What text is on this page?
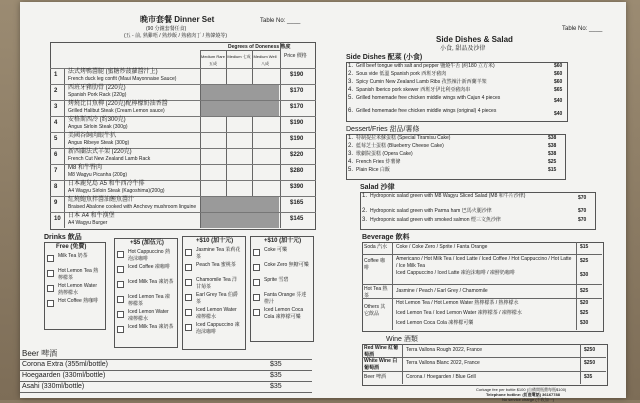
晚市套餐 Dinner Set	Table No: ____
(90 分鐘套餐任食)
(五 - 前, 熟雞唔 / 熟炒飯 / 熟豬肉丁 / 熟韓燒等)
Degrees of Doneness 熟度
Medium Rare 五成
Medium 七成 Medium Well 八成
Price 價格
1 法式烤鴨醬腿 (蜜糖炒菠蘿醬汁上)
French duck leg confit (Maui Mayonnaise Sauce)
$190
2 西班牙豬肋骨 (220克)
Spanish Pork Rack (220g)
$170
3 烤燒比目魚柳 (220克)配檸檬奶油香醬
Grilled Halibut Steak (Cream Lemon sauce)
$170
4 安格斯西冷 (約300克)
Angus Sirloin Steak (300g)
$190
5 美國谷飼肉眼牛扒
Angus Ribeye Steak (300g)
$190
6 新西蘭法式羊架 (220克)
French Cut New Zealand Lamb Rack
$220
7 M8 和牛臀肉
M8 Wagyu Picanha (200g)
$280
8 日本鹿兒島 A5 和牛西冷牛排
A4 Wagyu Sirloin Steak (Kagoshima)(200g)
$390
9 紅燒鮑魚拌醬油鰹魚醬汁
Braised Abalone cooked with Anchovy mushroom linguine
$165
10 日本 A4 和牛漢堡
A4 Wagyu Burger
$145
Drinks 飲品
Free (免費)
Milk Tea 奶茶
Hot Lemon Tea 熱檸檬茶
Hot Lemon Water 熱檸檬水
Hot Coffee 熱咖啡
+$5 (加伍元)
Hot Cappuccino 熱泡沫咖啡
Iced Coffee 凍咖啡
Iced Milk Tea 凍奶茶
Iced Lemon Tea 凍檸檬茶
Iced Lemon Water 凍檸檬水
Iced Milk Tea 凍奶茶
+$10 (加十元)
Jasmine Tea 茉莉花茶
Peach Tea 蜜桃茶
Chamomile Tea 洋甘菊茶
Earl Grey Tea 伯爵茶
Iced Lemon Water 凍檸檬水
Iced Cappuccino 凍泡沫咖啡
+$10 (加十元)
Coke 可樂
Coke Zero 無糖可樂
Sprite 雪碧
Fanta Orange 芬達橙汁
Iced Lemon Coca Cola 凍檸檬可樂
Beer 啤酒
Corona Extra (355ml/bottle)	$35
Hoegaarden (330ml/bottle)	$35
Asahi (330ml/bottle)	$35
Side Dishes & Salad
小食, 甜品及沙律
Table No: ____
Side Dishes 配菜 (小食)
1. Grill beef tongue with salt and pepper 鹽燒牛舌 (約180 立方米)	$60
2. Sous vide 低溫 Spanish pork 西班牙豬肉	$60
3. Spicy Cumin New Zealand Lamb Ribs 孜然辣汁新西蘭羊架	$60
4. Spanish Iberico pork skewer 西班牙伊比利亞豬肉串	$65
5. Grilled homemade free chicken middle wings with Cajun 4 pieces	$40
6. Grilled homemade free chicken middle wings (original) 4 pieces	$40
Dessert/Fries 甜品/薯條
1. 特制提拉米蘇蛋糕 (Special Tiramisu Cake)	$38
2. 藍莓芝士蛋糕 (Blueberry Cheese Cake)	$38
3. 歌劇院蛋糕 (Opera Cake)	$38
4. French Fries 炸薯條	$25
5. Plain Rice 白飯	$15
Salad 沙律
1. Hydroponic salad green with M8 Wagyu Sliced Salad (M8 和牛片沙律)	$70
2. Hydroponic salad green with Parma ham 巴馬火腿沙律	$70
3. Hydroponic salad green with smoked salmon 煙三文魚沙律	$70
Beverage 飲料
Soda 汽水	Coke / Coke Zero / Sprite / Fanta Orange	$15
Coffee 咖啡
Americano / Hot Milk Tea / Iced Latte / Iced Coffee / Hot Cappuccino / Hot Latte / Ice Milk Tea
$25
Iced Cappuccino / Iced Latte 凍泡沫咖啡 / 凍鮮奶咖啡	$30
Hot Tea 熱茶
Jasmine / Peach / Earl Grey / Chamomile	$25
Others 其它飲品
Hot Lemon Tea / Hot Lemon Water 熱檸檬茶 / 熱檸檬水	$20
Iced Lemon Tea / Iced Lemon Water 凍檸檬茶 / 凍檸檬水	$25
Iced Lemon Coca Cola 凍檸檬可樂	$30
Wine 酒類
Red Wine 紅葡萄酒
Terra Vallona Rough 2022, France	$250
White Wine 白葡萄酒
Terra Vallona Blanc 2022, France	$250
Beer 啤酒	Corona / Hoegarden / Blue Grill	$35
Corkage fee per bottle $100 (自備開瓶費每瓶$100)
Telephone hotline: (訂座電話) 36167788
No service charge (不收加一)
